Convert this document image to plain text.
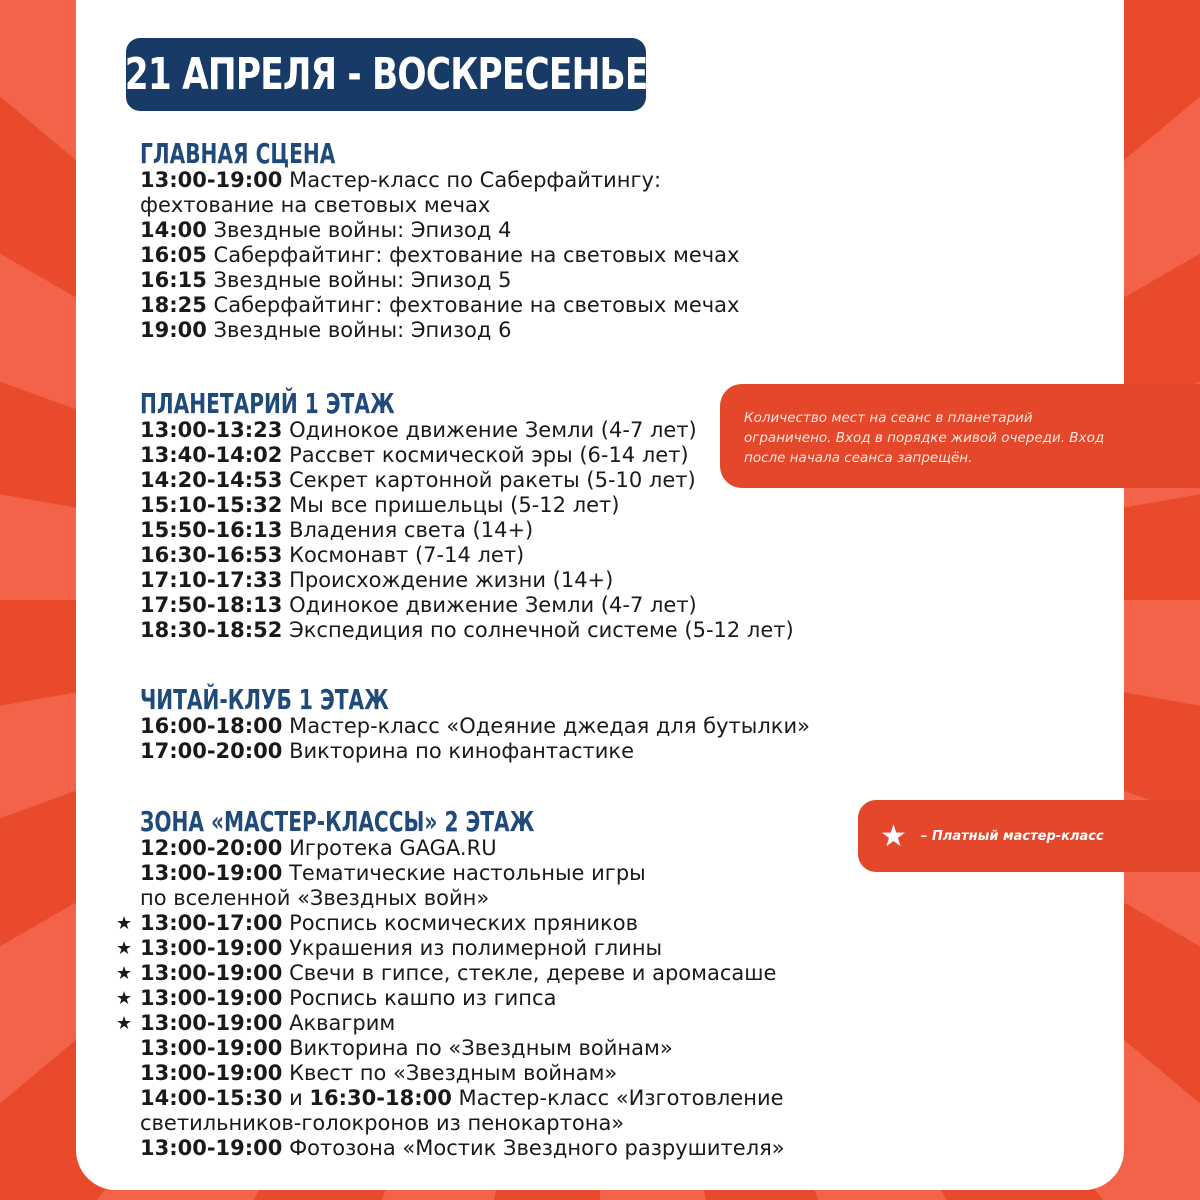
21 АПРЕЛЯ - ВОСКРЕСЕНЬЕ
ГЛАВНАЯ СЦЕНА
13:00-19:00 Мастер-класс по Саберфайтингу:
фехтование на световых мечах
14:00 Звездные войны: Эпизод 4
16:05 Саберфайтинг: фехтование на световых мечах
16:15 Звездные войны: Эпизод 5
18:25 Саберфайтинг: фехтование на световых мечах
19:00 Звездные войны: Эпизод 6
ПЛАНЕТАРИЙ 1 ЭТАЖ
13:00-13:23 Одинокое движение Земли (4-7 лет)
13:40-14:02 Рассвет космической эры (6-14 лет)
14:20-14:53 Секрет картонной ракеты (5-10 лет)
15:10-15:32 Мы все пришельцы (5-12 лет)
15:50-16:13 Владения света (14+)
16:30-16:53 Космонавт (7-14 лет)
17:10-17:33 Происхождение жизни (14+)
17:50-18:13 Одинокое движение Земли (4-7 лет)
18:30-18:52 Экспедиция по солнечной системе (5-12 лет)
ЧИТАЙ-КЛУБ 1 ЭТАЖ
16:00-18:00 Мастер-класс «Одеяние джедая для бутылки»
17:00-20:00 Викторина по кинофантастике
ЗОНА «МАСТЕР-КЛАССЫ» 2 ЭТАЖ
12:00-20:00 Игротека GAGA.RU
13:00-19:00 Тематические настольные игры
по вселенной «Звездных войн»
★ 13:00-17:00 Роспись космических пряников
★ 13:00-19:00 Украшения из полимерной глины
★ 13:00-19:00 Свечи в гипсе, стекле, дереве и аромасаше
★ 13:00-19:00 Роспись кашпо из гипса
★ 13:00-19:00 Аквагрим
13:00-19:00 Викторина по «Звездным войнам»
13:00-19:00 Квест по «Звездным войнам»
14:00-15:30 и 16:30-18:00 Мастер-класс «Изготовление
светильников-голокронов из пенокартона»
13:00-19:00 Фотозона «Мостик Звездного разрушителя»
Количество мест на сеанс в планетарий ограничено. Вход в порядке живой очереди. Вход после начала сеанса запрещён.
★ – Платный мастер-класс
